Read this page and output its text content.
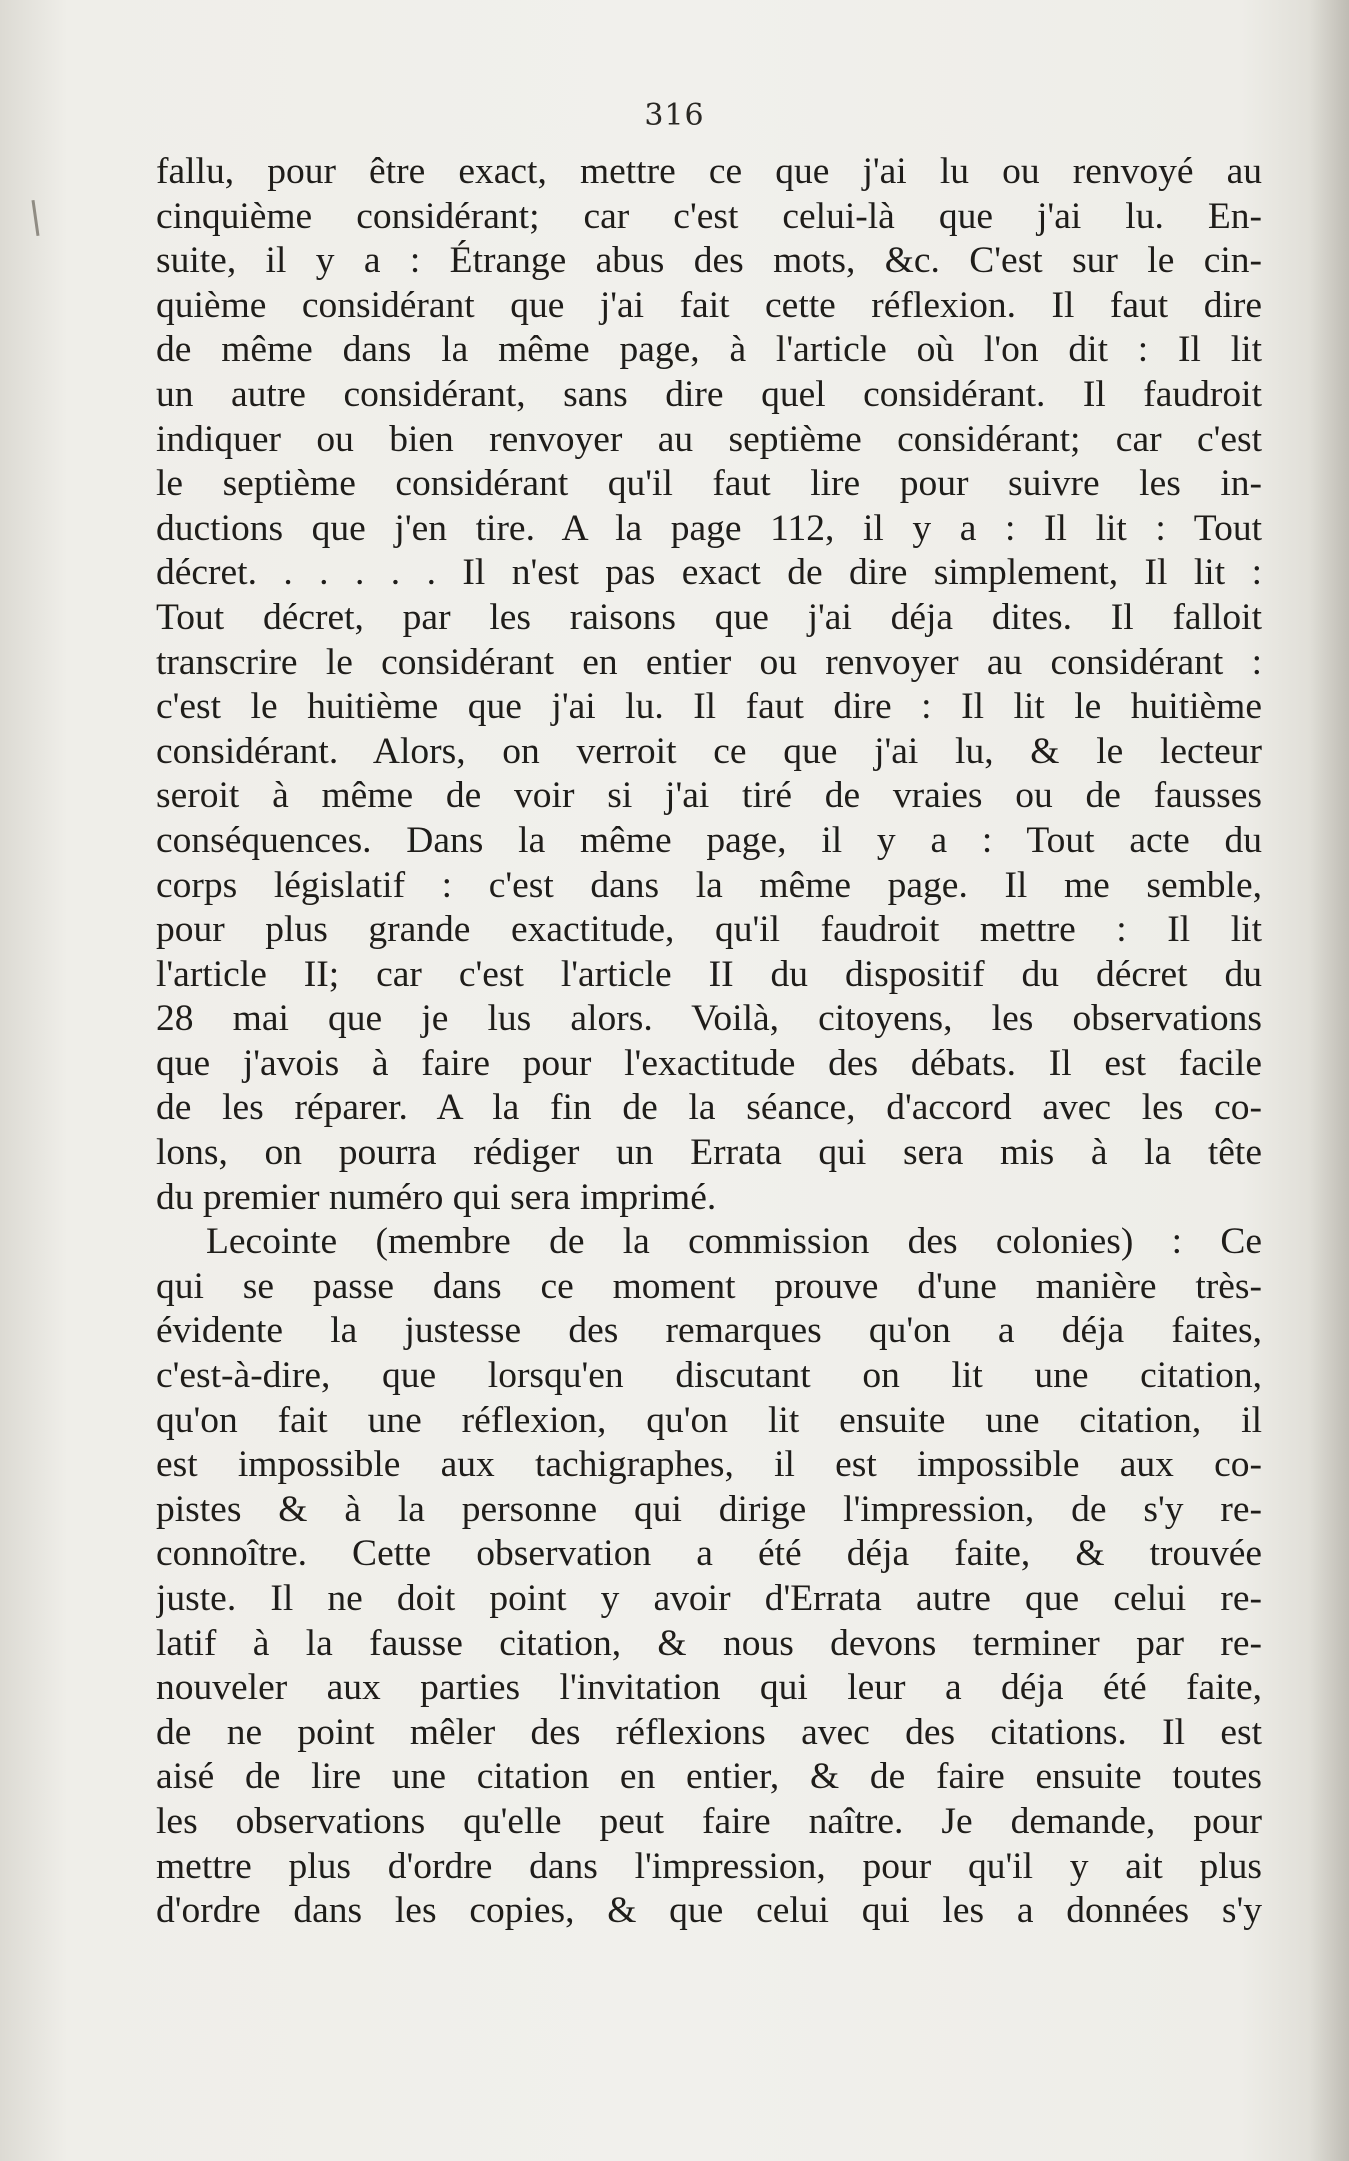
316
fallu, pour être exact, mettre ce que j'ai lu ou renvoyé au
cinquième considérant; car c'est celui-là que j'ai lu. En-
suite, il y a : Étrange abus des mots, &c. C'est sur le cin-
quième considérant que j'ai fait cette réflexion. Il faut dire
de même dans la même page, à l'article où l'on dit : Il lit
un autre considérant, sans dire quel considérant. Il faudroit
indiquer ou bien renvoyer au septième considérant; car c'est
le septième considérant qu'il faut lire pour suivre les in-
ductions que j'en tire. A la page 112, il y a : Il lit : Tout
décret. . . . . . Il n'est pas exact de dire simplement, Il lit :
Tout décret, par les raisons que j'ai déja dites. Il falloit
transcrire le considérant en entier ou renvoyer au considérant :
c'est le huitième que j'ai lu. Il faut dire : Il lit le huitième
considérant. Alors, on verroit ce que j'ai lu, & le lecteur
seroit à même de voir si j'ai tiré de vraies ou de fausses
conséquences. Dans la même page, il y a : Tout acte du
corps législatif : c'est dans la même page. Il me semble,
pour plus grande exactitude, qu'il faudroit mettre : Il lit
l'article II; car c'est l'article II du dispositif du décret du
28 mai que je lus alors. Voilà, citoyens, les observations
que j'avois à faire pour l'exactitude des débats. Il est facile
de les réparer. A la fin de la séance, d'accord avec les co-
lons, on pourra rédiger un Errata qui sera mis à la tête
du premier numéro qui sera imprimé.
Lecointe (membre de la commission des colonies) : Ce
qui se passe dans ce moment prouve d'une manière très-
évidente la justesse des remarques qu'on a déja faites,
c'est-à-dire, que lorsqu'en discutant on lit une citation,
qu'on fait une réflexion, qu'on lit ensuite une citation, il
est impossible aux tachigraphes, il est impossible aux co-
pistes & à la personne qui dirige l'impression, de s'y re-
connoître. Cette observation a été déja faite, & trouvée
juste. Il ne doit point y avoir d'Errata autre que celui re-
latif à la fausse citation, & nous devons terminer par re-
nouveler aux parties l'invitation qui leur a déja été faite,
de ne point mêler des réflexions avec des citations. Il est
aisé de lire une citation en entier, & de faire ensuite toutes
les observations qu'elle peut faire naître. Je demande, pour
mettre plus d'ordre dans l'impression, pour qu'il y ait plus
d'ordre dans les copies, & que celui qui les a données s'y
